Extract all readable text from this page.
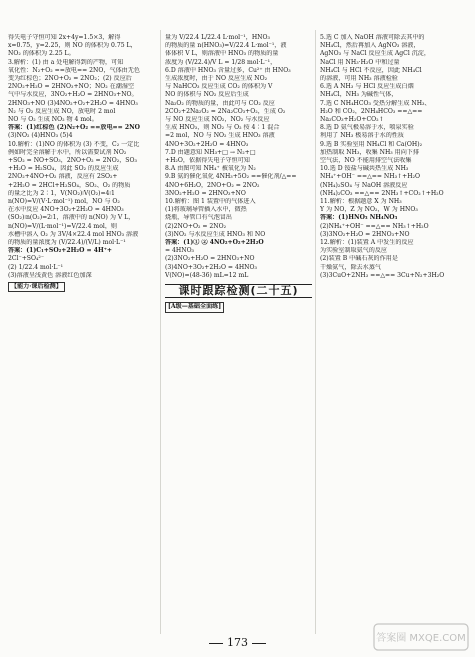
得失电子守恒可知 2x+4y=1.5×3，解得
x=0.75，y=2.25，则 NO 的体积为 0.75 L，
NO₂ 的体积为 2.25 L。
3.解析：(1) 由 a 处电解得到的产物，可知
氧化性：N₂+O₂ ==放电== 2NO，气体由无色
变为红棕色；2NO+O₂ = 2NO₂；(2) 反应后
2NO₂+H₂O = 2HNO₃+NO；NO₂ 在潮湿空
气中与水反应，3NO₂+H₂O = 2HNO₃+NO。
2HNO₃+NO (3)4NO₂+O₂+2H₂O = 4HNO₃
N₂ 与 O₂ 反应生成 NO，放电时 2 mol
NO 与 O₂ 生成 NO₂ 物 4 mol。
答案：(1)红棕色 (2)N₂+O₂ ==放电== 2NO
(3)NO₂ (4)HNO₃ (5)4
10.解析：(1)NO 的体积为 (3) 不变，C₂ 一定比
例如时完全溶解于水中，所以需要试剂 NO₂
+SO₂ = NO+SO₃，2NO+O₂ = 2NO₂，SO₃
+H₂O = H₂SO₄，因此 SO₂ 的反应生成
2NO₂+4NO+O₂ 溶液，反应有 2SO₂+
+2H₂O = 2HCl+H₂SO₄，SO₂、O₂ 的物质
的量之比为 2∶1，V(NO₂)∶V(O₂)=4∶1
n(NO)=V/(V·L·mol⁻¹) mol，NO 与 O₂
在水中反应 4NO+3O₂+2H₂O = 4HNO₃
(SO₂)∶n(O₂)=2∶1，溶液中的 n(NO) 为 V L，
n(NO)=V/(L·mol⁻¹)=V/22.4 mol，则
水槽中溶入 O₂ 为 3V/4×22.4 mol HNO₃ 溶液
的物质的量浓度为 (V/22.4)/(V/L) mol·L⁻¹
答案：(1)C₁+SO₂+2H₂O = 4H⁺+
2Cl⁻+SO₄²⁻
(2) 1/22.4 mol·L⁻¹
(3)溶液呈浅黄色 溶液红色加深
【能力·课后检测】
量为 V/22.4 L/22.4 L·mol⁻¹，HNO₃
的物质的量 n(HNO₃)=V/22.4 L·mol⁻¹，液
体体积 V L，则溶液中 HNO₃ 的物质的量
浓度为 (V/22.4)/V L = 1/28 mol·L⁻¹，
6.D 溶液中 HNO₃ 含量过多，Cu²⁺ 由 HNO₃
生成浓度时，由于 NO 反应生成 NO₂
与 NaHCO₃ 反应生成 CO₂ 的体积为 V
NO 的体积与 NO₂ 反应后生成
Na₂O₂ 的物质的量，由此可与 CO₂ 反应
2CO₂+2Na₂O₂ = 2Na₂CO₃+O₂，生成 O₂
与 NO 反应生成 NO₂，NO₂ 与水反应
生成 HNO₃，则 NO₂ 与 O₂ 按 4∶1 混合
=2 mol，NO 与 NO₂ 生成 HNO₃ 溶液
4NO+3O₂+2H₂O = 4HNO₃
7.D 由题意知 NH₃+□ → N₂+□
+H₂O，依据得失电子守恒可知
8.A 由图可知 NH₄⁺ 被氧化为 N₂
9.B 氨的催化氧化 4NH₃+5O₂ ==催化剂/△==
4NO+6H₂O，2NO+O₂ = 2NO₂
3NO₂+H₂O = 2HNO₃+NO
10.解析：图 1 装置中的气体进入
(1)将玻璃导管插入水中，微热
烧瓶，导管口有气泡冒出
(2)2NO+O₂ = 2NO₂
(3)NO₂ 与水反应生成 HNO₃ 和 NO
答案：(1)① ② 4NO₂+O₂+2H₂O
= 4HNO₃
(2)3NO₂+H₂O = 2HNO₃+NO
(3)4NO+3O₂+2H₂O = 4HNO₃
V(NO)=(48-36) mL=12 mL
课时跟踪检测(二十五)
[A级—基础全面练]
5.选 C 加入 NaOH 溶液可除去其中的
NH₄Cl，然后再加入 AgNO₃ 溶液，
AgNO₃ 与 NaCl 反应生成 AgCl 沉淀，
NaCl 用 NH₃·H₂O 中和过量
NH₄Cl 与 HCl 不反应，因此 NH₄Cl
的溶液，可用 NH₃ 溶液检验
6.选 A NH₃ 与 HCl 反应生成白烟
NH₄Cl，NH₃ 为碱性气体，
7.选 C NH₄HCO₃ 受热分解生成 NH₃、
H₂O 和 CO₂，2NH₄HCO₃ ==△==
Na₂CO₃+H₂O+CO₂↑
8.选 D 氨气极易溶于水，喷泉实验
利用了 NH₃ 极易溶于水的性质
9.选 B 实验室用 NH₄Cl 和 Ca(OH)₂
加热制取 NH₃，收集 NH₃ 用向下排
空气法，NO 不能用排空气法收集
10.选 D 铵盐与碱共热生成 NH₃
NH₄⁺+OH⁻ ==△== NH₃↑+H₂O
(NH₄)₂SO₄ 与 NaOH 溶液反应
(NH₄)₂CO₃ ==△== 2NH₃↑+CO₂↑+H₂O
11.解析：根据题意 X 为 NH₃
Y 为 NO，Z 为 NO₂，W 为 HNO₃
答案：(1)HNO₃ NH₄NO₃
(2)NH₄⁺+OH⁻ ==△== NH₃↑+H₂O
(3)3NO₂+H₂O = 2HNO₃+NO
12.解析：(1)装置 A 中发生的反应
为实验室制取氨气的反应
(2)装置 B 中碱石灰的作用是
干燥氨气，除去水蒸气
(3)3CuO+2NH₃ ==△== 3Cu+N₂+3H₂O
173	答案圈 MXQE.COM
